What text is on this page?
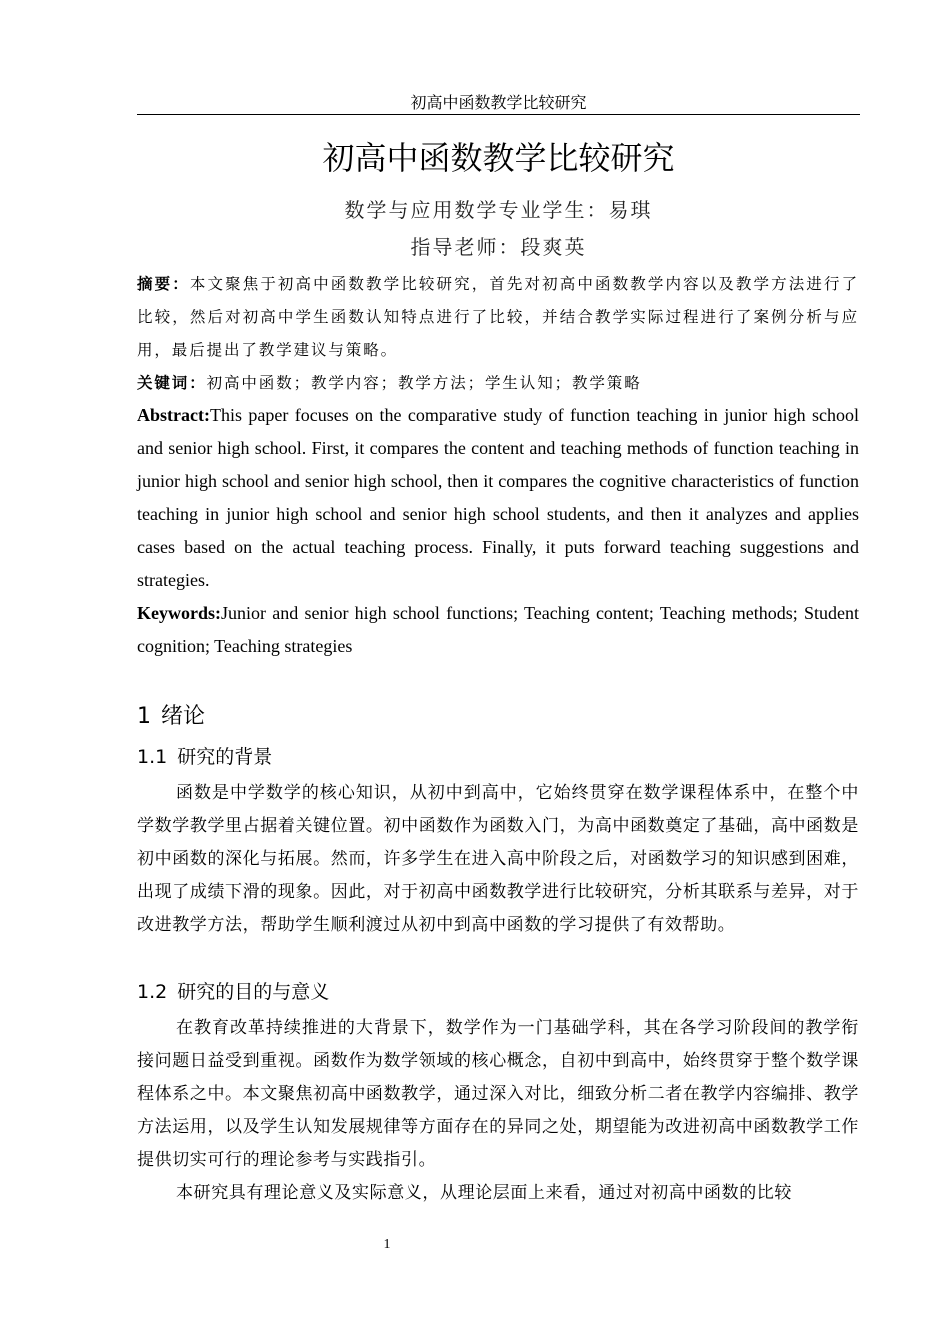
初高中函数教学比较研究
初高中函数教学比较研究
数学与应用数学专业学生：易琪
指导老师：段爽英

摘要：本文聚焦于初高中函数教学比较研究，首先对初高中函数教学内容以及教学方法进行了比较，然后对初高中学生函数认知特点进行了比较，并结合教学实际过程进行了案例分析与应用，最后提出了教学建议与策略。

关键词：初高中函数；教学内容；教学方法；学生认知；教学策略

Abstract:This paper focuses on the comparative study of function teaching in junior high school and senior high school. First, it compares the content and teaching methods of function teaching in junior high school and senior high school, then it compares the cognitive characteristics of function teaching in junior high school and senior high school students, and then it analyzes and applies cases based on the actual teaching process. Finally, it puts forward teaching suggestions and strategies.

Keywords:Junior and senior high school functions; Teaching content; Teaching methods; Student cognition; Teaching strategies

1 绪论
1.1 研究的背景

函数是中学数学的核心知识，从初中到高中，它始终贯穿在数学课程体系中，在整个中学数学教学里占据着关键位置。初中函数作为函数入门，为高中函数奠定了基础，高中函数是初中函数的深化与拓展。然而，许多学生在进入高中阶段之后，对函数学习的知识感到困难，出现了成绩下滑的现象。因此，对于初高中函数教学进行比较研究，分析其联系与差异，对于改进教学方法，帮助学生顺利渡过从初中到高中函数的学习提供了有效帮助。

1.2 研究的目的与意义

在教育改革持续推进的大背景下，数学作为一门基础学科，其在各学习阶段间的教学衔接问题日益受到重视。函数作为数学领域的核心概念，自初中到高中，始终贯穿于整个数学课程体系之中。本文聚焦初高中函数教学，通过深入对比，细致分析二者在教学内容编排、教学方法运用，以及学生认知发展规律等方面存在的异同之处，期望能为改进初高中函数教学工作提供切实可行的理论参考与实践指引。

本研究具有理论意义及实际意义，从理论层面上来看，通过对初高中函数的比较

1
